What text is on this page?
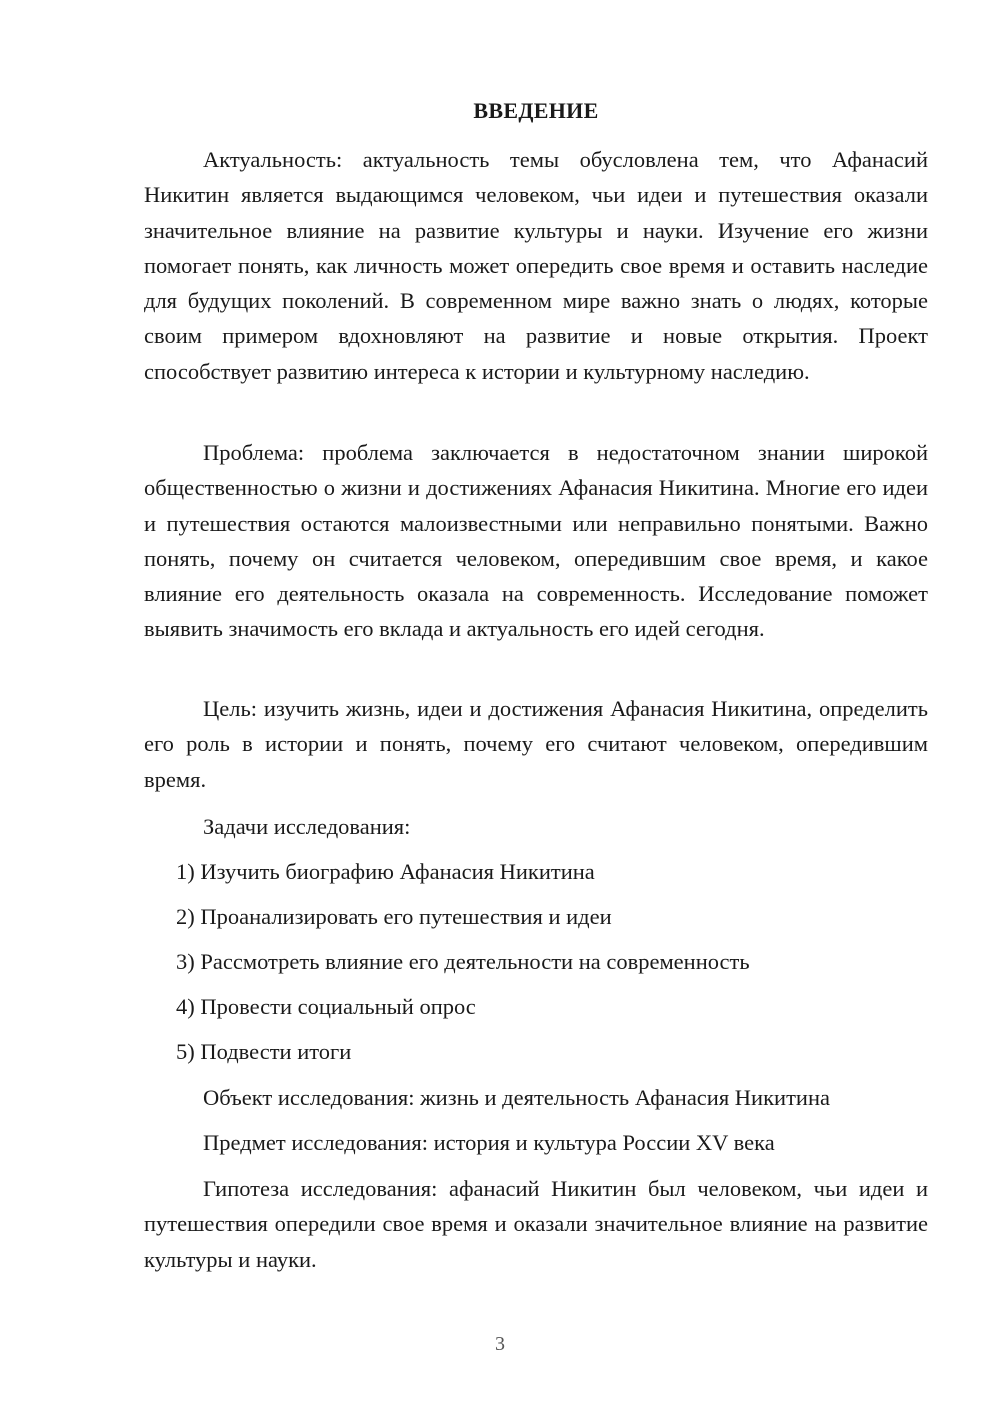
ВВЕДЕНИЕ

Актуальность: актуальность темы обусловлена тем, что Афанасий Никитин является выдающимся человеком, чьи идеи и путешествия оказали значительное влияние на развитие культуры и науки. Изучение его жизни помогает понять, как личность может опередить свое время и оставить наследие для будущих поколений. В современном мире важно знать о людях, которые своим примером вдохновляют на развитие и новые открытия. Проект способствует развитию интереса к истории и культурному наследию.

Проблема: проблема заключается в недостаточном знании широкой общественностью о жизни и достижениях Афанасия Никитина. Многие его идеи и путешествия остаются малоизвестными или неправильно понятыми. Важно понять, почему он считается человеком, опередившим свое время, и какое влияние его деятельность оказала на современность. Исследование поможет выявить значимость его вклада и актуальность его идей сегодня.

Цель: изучить жизнь, идеи и достижения Афанасия Никитина, определить его роль в истории и понять, почему его считают человеком, опередившим время.

Задачи исследования:

1) Изучить биографию Афанасия Никитина

2) Проанализировать его путешествия и идеи

3) Рассмотреть влияние его деятельности на современность

4) Провести социальный опрос

5) Подвести итоги

Объект исследования: жизнь и деятельность Афанасия Никитина

Предмет исследования: история и культура России XV века

Гипотеза исследования: афанасий Никитин был человеком, чьи идеи и путешествия опередили свое время и оказали значительное влияние на развитие культуры и науки.

3
